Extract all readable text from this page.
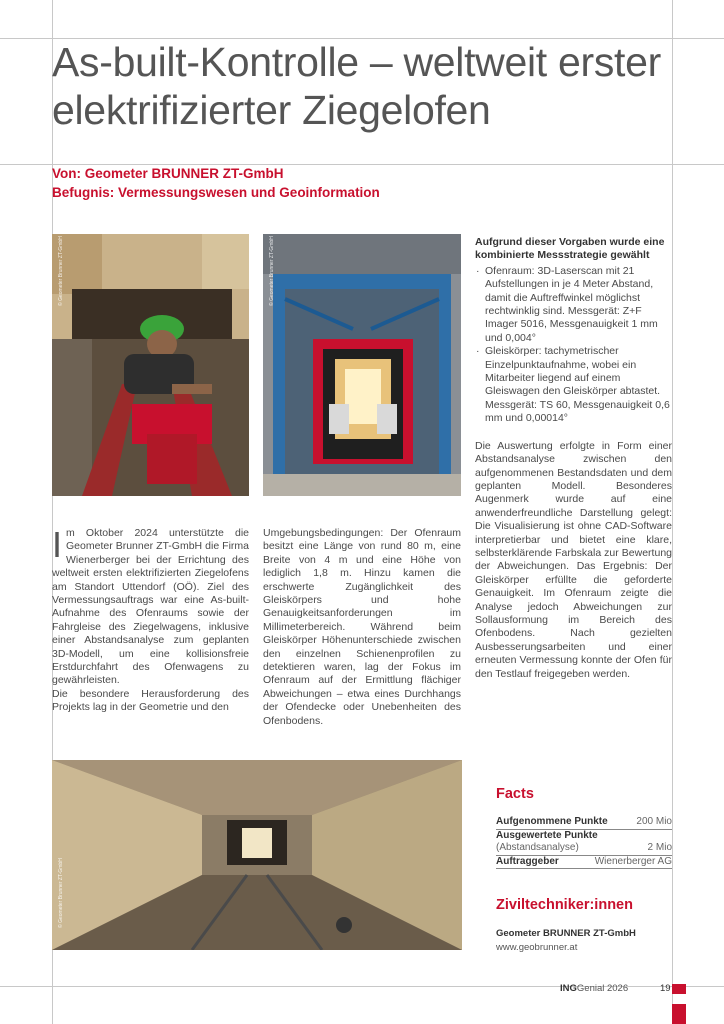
As-built-Kontrolle – weltweit erster elektrifizierter Ziegelofen
Von: Geometer BRUNNER ZT-GmbH
Befugnis: Vermessungswesen und Geoinformation
© Geometer Brunner ZT-GmbH	© Geometer Brunner ZT-GmbH
© Geometer Brunner ZT-GmbH

Im Oktober 2024 unterstützte die Geometer Brunner ZT-GmbH die Firma Wienerberger bei der Errichtung des weltweit ersten elektrifizierten Ziegelofens am Standort Uttendorf (OÖ). Ziel des Vermessungsauftrags war eine As-built-Aufnahme des Ofenraums sowie der Fahrgleise des Ziegelwagens, inklusive einer Abstandsanalyse zum geplanten 3D-Modell, um eine kollisionsfreie Erstdurchfahrt des Ofenwagens zu gewährleisten.

Die besondere Herausforderung des Projekts lag in der Geometrie und den

Umgebungsbedingungen: Der Ofenraum besitzt eine Länge von rund 80 m, eine Breite von 4 m und eine Höhe von lediglich 1,8 m. Hinzu kamen die erschwerte Zugänglichkeit des Gleiskörpers und hohe Genauigkeitsanforderungen im Millimeterbereich. Während beim Gleiskörper Höhenunterschiede zwischen den einzelnen Schienenprofilen zu detektieren waren, lag der Fokus im Ofenraum auf der Ermittlung flächiger Abweichungen – etwa eines Durchhangs der Ofendecke oder Unebenheiten des Ofenbodens.

Aufgrund dieser Vorgaben wurde eine kombinierte Messstrategie gewählt

· Ofenraum: 3D-Laserscan mit 21 Aufstellungen in je 4 Meter Abstand, damit die Auftreffwinkel möglichst rechtwinklig sind. Messgerät: Z+F Imager 5016, Messgenauigkeit 1 mm und 0,004°
· Gleiskörper: tachymetrischer Einzelpunktaufnahme, wobei ein Mitarbeiter liegend auf einem Gleiswagen den Gleiskörper abtastet. Messgerät: TS 60, Messgenauigkeit 0,6 mm und 0,00014°

Die Auswertung erfolgte in Form einer Abstandsanalyse zwischen den aufgenommenen Bestandsdaten und dem geplanten Modell. Besonderes Augenmerk wurde auf eine anwenderfreundliche Darstellung gelegt: Die Visualisierung ist ohne CAD-Software interpretierbar und bietet eine klare, selbsterklärende Farbskala zur Bewertung der Abweichungen. Das Ergebnis: Der Gleiskörper erfüllte die geforderte Genauigkeit. Im Ofenraum zeigte die Analyse jedoch Abweichungen zur Sollausformung im Bereich des Ofenbodens. Nach gezielten Ausbesserungsarbeiten und einer erneuten Vermessung konnte der Ofen für den Testlauf freigegeben werden.

Facts
Aufgenommene Punkte	200 Mio
Ausgewertete Punkte
(Abstandsanalyse)	2 Mio
Auftraggeber	Wienerberger AG
Ziviltechniker:innen
Geometer BRUNNER ZT-GmbH
www.geobrunner.at
INGGenial 2026	19
